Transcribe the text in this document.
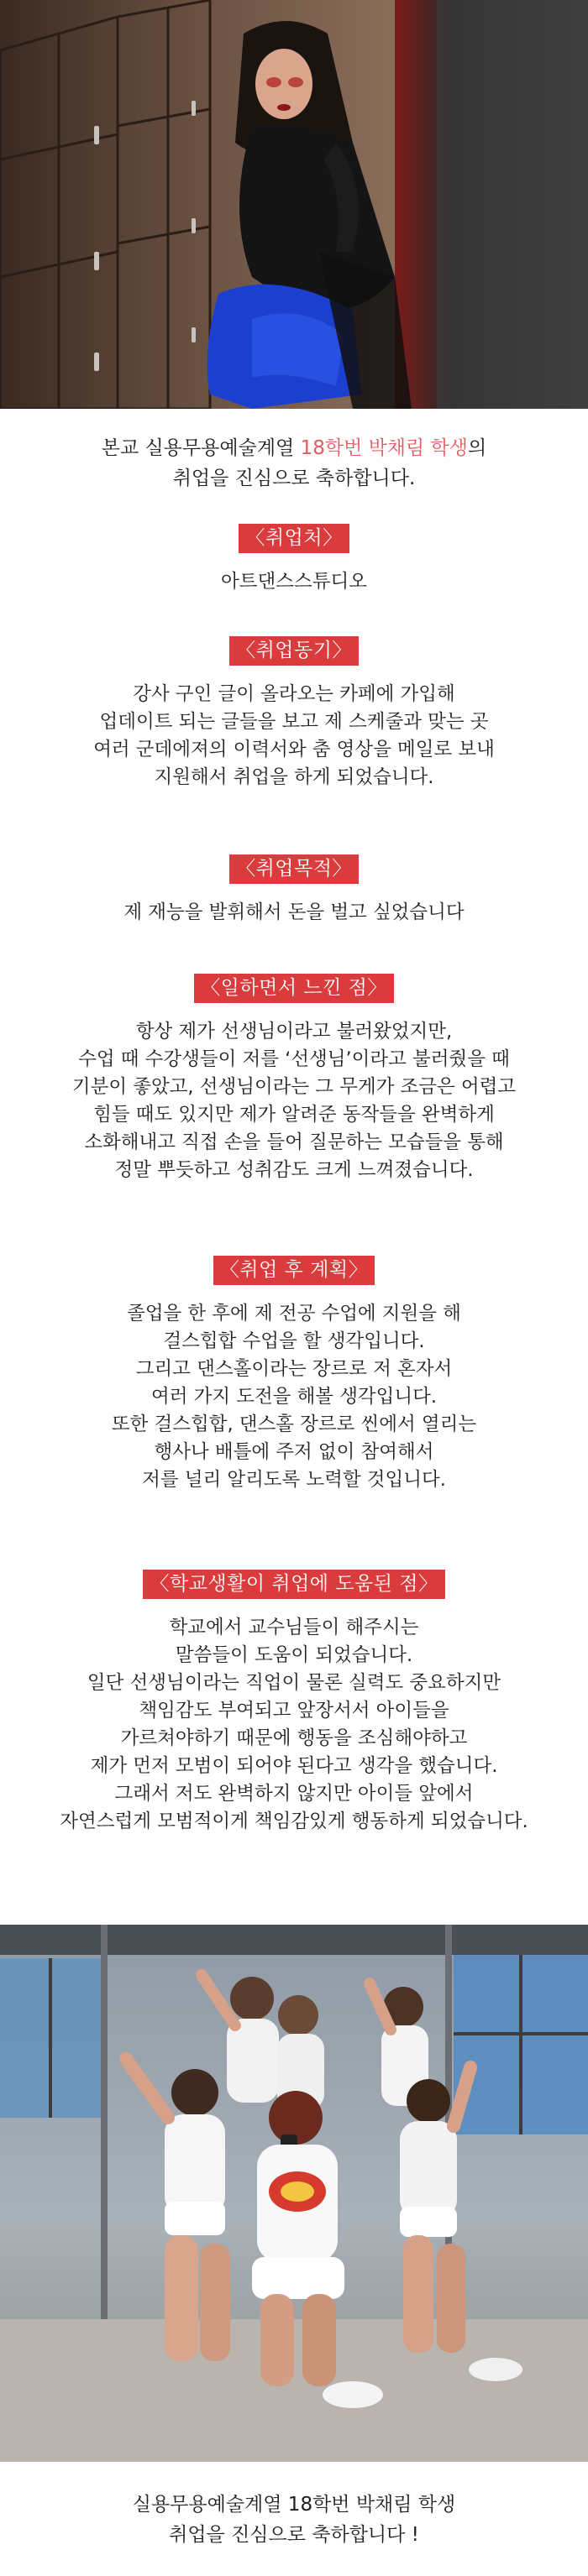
본교 실용무용예술계열 18학번 박채림 학생의
취업을 진심으로 축하합니다.
〈취업처〉
아트댄스스튜디오
〈취업동기〉
강사 구인 글이 올라오는 카페에 가입해
업데이트 되는 글들을 보고 제 스케줄과 맞는 곳
여러 군데에져의 이력서와 춤 영상을 메일로 보내
지원해서 취업을 하게 되었습니다.
〈취업목적〉
제 재능을 발휘해서 돈을 벌고 싶었습니다
〈일하면서 느낀 점〉
항상 제가 선생님이라고 불러왔었지만,
수업 때 수강생들이 저를 ‘선생님’이라고 불러줬을 때
기분이 좋았고, 선생님이라는 그 무게가 조금은 어렵고
힘들 때도 있지만 제가 알려준 동작들을 완벽하게
소화해내고 직접 손을 들어 질문하는 모습들을 통해
정말 뿌듯하고 성취감도 크게 느껴졌습니다.
〈취업 후 계획〉
졸업을 한 후에 제 전공 수업에 지원을 해
걸스힙합 수업을 할 생각입니다.
그리고 댄스홀이라는 장르로 저 혼자서
여러 가지 도전을 해볼 생각입니다.
또한 걸스힙합, 댄스홀 장르로 씬에서 열리는
행사나 배틀에 주저 없이 참여해서
저를 널리 알리도록 노력할 것입니다.
〈학교생활이 취업에 도움된 점〉
학교에서 교수님들이 해주시는
말씀들이 도움이 되었습니다.
일단 선생님이라는 직업이 물론 실력도 중요하지만
책임감도 부여되고 앞장서서 아이들을
가르쳐야하기 때문에 행동을 조심해야하고
제가 먼저 모범이 되어야 된다고 생각을 했습니다.
그래서 저도 완벽하지 않지만 아이들 앞에서
자연스럽게 모범적이게 책임감있게 행동하게 되었습니다.
실용무용예술계열 18학번 박채림 학생
취업을 진심으로 축하합니다 !
